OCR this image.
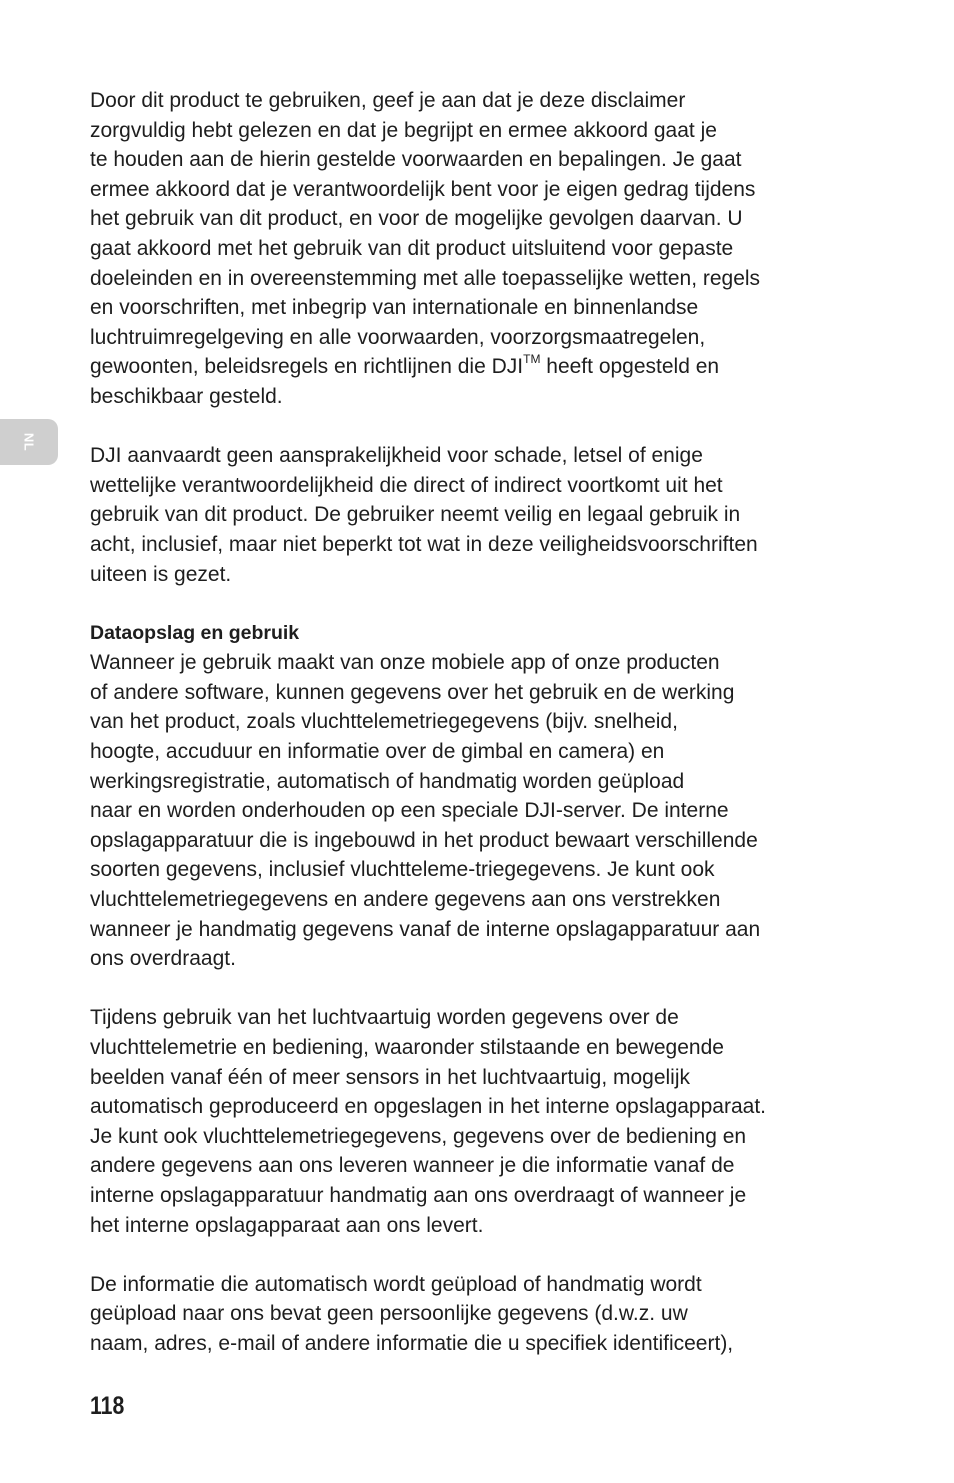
NL
Door dit product te gebruiken, geef je aan dat je deze disclaimer
zorgvuldig hebt gelezen en dat je begrijpt en ermee akkoord gaat je
te houden aan de hierin gestelde voorwaarden en bepalingen. Je gaat
ermee akkoord dat je verantwoordelijk bent voor je eigen gedrag tijdens
het gebruik van dit product, en voor de mogelijke gevolgen daarvan. U
gaat akkoord met het gebruik van dit product uitsluitend voor gepaste
doeleinden en in overeenstemming met alle toepasselijke wetten, regels
en voorschriften, met inbegrip van internationale en binnenlandse
luchtruimregelgeving en alle voorwaarden, voorzorgsmaatregelen,
gewoonten, beleidsregels en richtlijnen die DJI™ heeft opgesteld en
beschikbaar gesteld.
DJI aanvaardt geen aansprakelijkheid voor schade, letsel of enige
wettelijke verantwoordelijkheid die direct of indirect voortkomt uit het
gebruik van dit product. De gebruiker neemt veilig en legaal gebruik in
acht, inclusief, maar niet beperkt tot wat in deze veiligheidsvoorschriften
uiteen is gezet.
Dataopslag en gebruik
Wanneer je gebruik maakt van onze mobiele app of onze producten
of andere software, kunnen gegevens over het gebruik en de werking
van het product, zoals vluchttelemetriegegevens (bijv. snelheid,
hoogte, accuduur en informatie over de gimbal en camera) en
werkingsregistratie, automatisch of handmatig worden geüpload
naar en worden onderhouden op een speciale DJI-server. De interne
opslagapparatuur die is ingebouwd in het product bewaart verschillende
soorten gegevens, inclusief vluchtteleme-triegegevens. Je kunt ook
vluchttelemetriegegevens en andere gegevens aan ons verstrekken
wanneer je handmatig gegevens vanaf de interne opslagapparatuur aan
ons overdraagt.
Tijdens gebruik van het luchtvaartuig worden gegevens over de
vluchttelemetrie en bediening, waaronder stilstaande en bewegende
beelden vanaf één of meer sensors in het luchtvaartuig, mogelijk
automatisch geproduceerd en opgeslagen in het interne opslagapparaat.
Je kunt ook vluchttelemetriegegevens, gegevens over de bediening en
andere gegevens aan ons leveren wanneer je die informatie vanaf de
interne opslagapparatuur handmatig aan ons overdraagt of wanneer je
het interne opslagapparaat aan ons levert.
De informatie die automatisch wordt geüpload of handmatig wordt
geüpload naar ons bevat geen persoonlijke gegevens (d.w.z. uw
naam, adres, e-mail of andere informatie die u specifiek identificeert),
118
